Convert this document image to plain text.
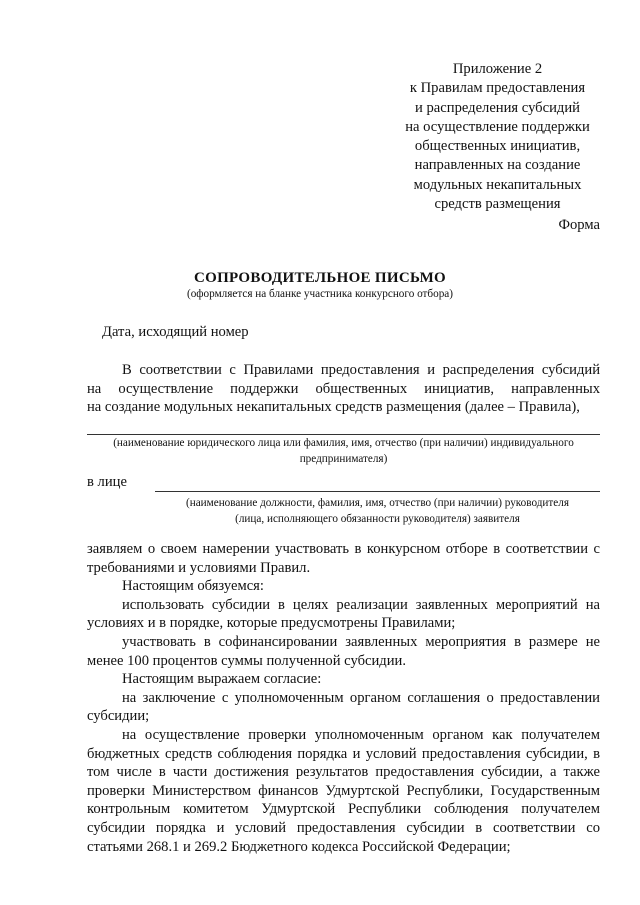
Приложение 2
к Правилам предоставления
и распределения субсидий
на осуществление поддержки
общественных инициатив,
направленных на создание
модульных некапитальных
средств размещения
Форма
СОПРОВОДИТЕЛЬНОЕ ПИСЬМО
(оформляется на бланке участника конкурсного отбора)
Дата, исходящий номер
В соответствии с Правилами предоставления и распределения субсидий
на осуществление поддержки общественных инициатив, направленных
на создание модульных некапитальных средств размещения (далее – Правила),
(наименование юридического лица или фамилия, имя, отчество (при наличии) индивидуального
предпринимателя)
в лице
(наименование должности, фамилия, имя, отчество (при наличии) руководителя
(лица, исполняющего обязанности руководителя) заявителя
заявляем о своем намерении участвовать в конкурсном отборе в соответствии с
требованиями и условиями Правил.
Настоящим обязуемся:
использовать субсидии в целях реализации заявленных мероприятий на
условиях и в порядке, которые предусмотрены Правилами;
участвовать в софинансировании заявленных мероприятия в размере не
менее 100 процентов суммы полученной субсидии.
Настоящим выражаем согласие:
на заключение с уполномоченным органом соглашения о предоставлении
субсидии;
на осуществление проверки уполномоченным органом как получателем
бюджетных средств соблюдения порядка и условий предоставления субсидии, в
том числе в части достижения результатов предоставления субсидии, а также
проверки Министерством финансов Удмуртской Республики, Государственным
контрольным комитетом Удмуртской Республики соблюдения получателем
субсидии порядка и условий предоставления субсидии в соответствии со
статьями 268.1 и 269.2 Бюджетного кодекса Российской Федерации;
